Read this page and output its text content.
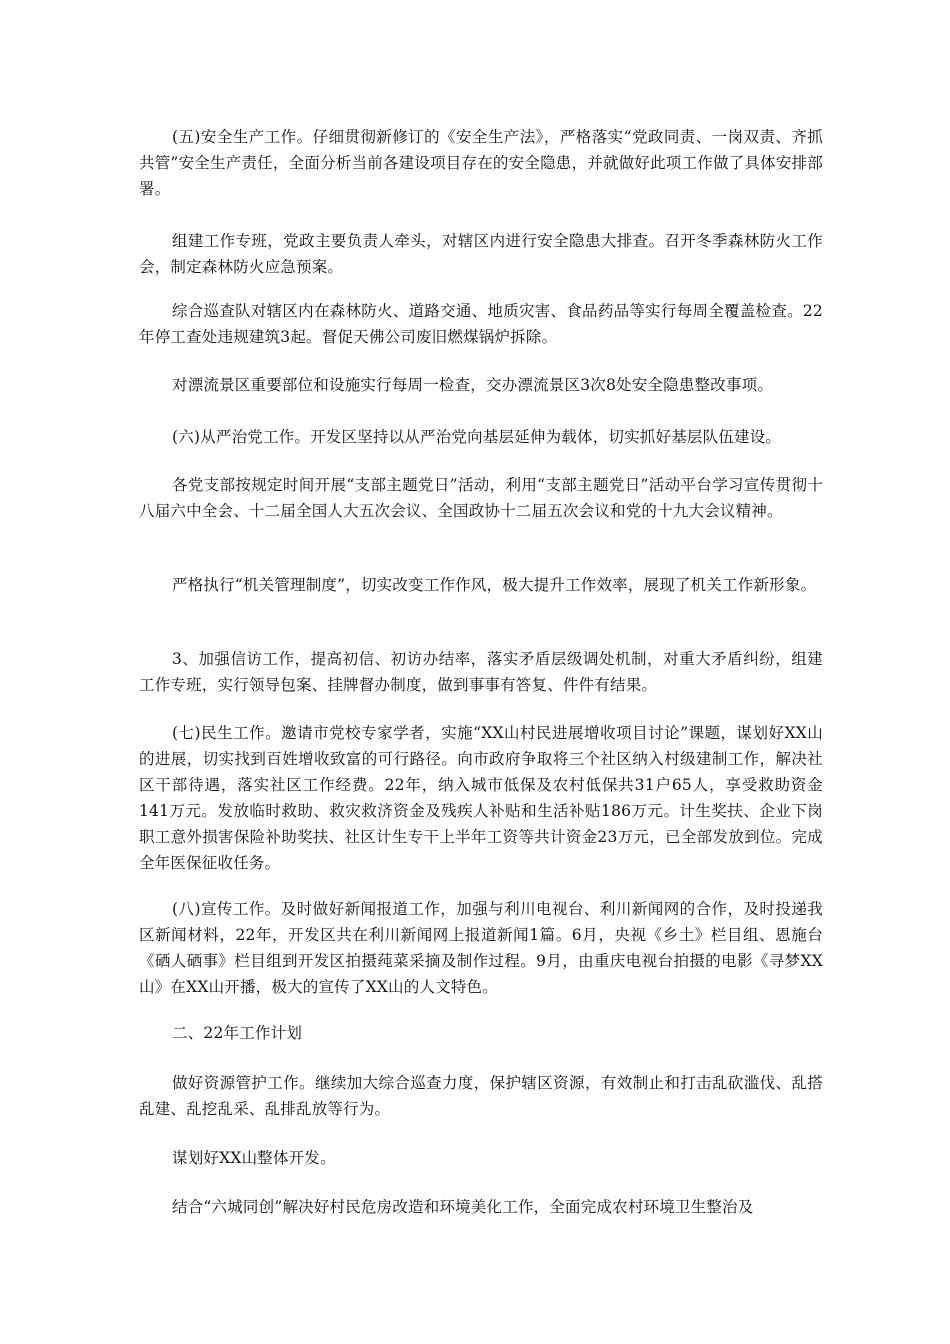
(五)安全生产工作。仔细贯彻新修订的《安全生产法》，严格落实“党政同责、一岗双责、齐抓共管”安全生产责任，全面分析当前各建设项目存在的安全隐患，并就做好此项工作做了具体安排部署。

组建工作专班，党政主要负责人牵头，对辖区内进行安全隐患大排查。召开冬季森林防火工作会，制定森林防火应急预案。

综合巡查队对辖区内在森林防火、道路交通、地质灾害、食品药品等实行每周全覆盖检查。22年停工查处违规建筑3起。督促天佛公司废旧燃煤锅炉拆除。

对漂流景区重要部位和设施实行每周一检查，交办漂流景区3次8处安全隐患整改事项。

(六)从严治党工作。开发区坚持以从严治党向基层延伸为载体，切实抓好基层队伍建设。

各党支部按规定时间开展“支部主题党日”活动，利用“支部主题党日”活动平台学习宣传贯彻十八届六中全会、十二届全国人大五次会议、全国政协十二届五次会议和党的十九大会议精神。

严格执行“机关管理制度”，切实改变工作作风，极大提升工作效率，展现了机关工作新形象。

3、加强信访工作，提高初信、初访办结率，落实矛盾层级调处机制，对重大矛盾纠纷，组建工作专班，实行领导包案、挂牌督办制度，做到事事有答复、件件有结果。

(七)民生工作。邀请市党校专家学者，实施“XX山村民进展增收项目讨论”课题，谋划好XX山的进展，切实找到百姓增收致富的可行路径。向市政府争取将三个社区纳入村级建制工作，解决社区干部待遇，落实社区工作经费。22年，纳入城市低保及农村低保共31户65人，享受救助资金141万元。发放临时救助、救灾救济资金及残疾人补贴和生活补贴186万元。计生奖扶、企业下岗职工意外损害保险补助奖扶、社区计生专干上半年工资等共计资金23万元，已全部发放到位。完成全年医保征收任务。

(八)宣传工作。及时做好新闻报道工作，加强与利川电视台、利川新闻网的合作，及时投递我区新闻材料，22年，开发区共在利川新闻网上报道新闻1篇。6月，央视《乡土》栏目组、恩施台《硒人硒事》栏目组到开发区拍摄莼菜采摘及制作过程。9月，由重庆电视台拍摄的电影《寻梦XX山》在XX山开播，极大的宣传了XX山的人文特色。

二、22年工作计划

做好资源管护工作。继续加大综合巡查力度，保护辖区资源，有效制止和打击乱砍滥伐、乱搭乱建、乱挖乱采、乱排乱放等行为。

谋划好XX山整体开发。

结合“六城同创”解决好村民危房改造和环境美化工作，全面完成农村环境卫生整治及
